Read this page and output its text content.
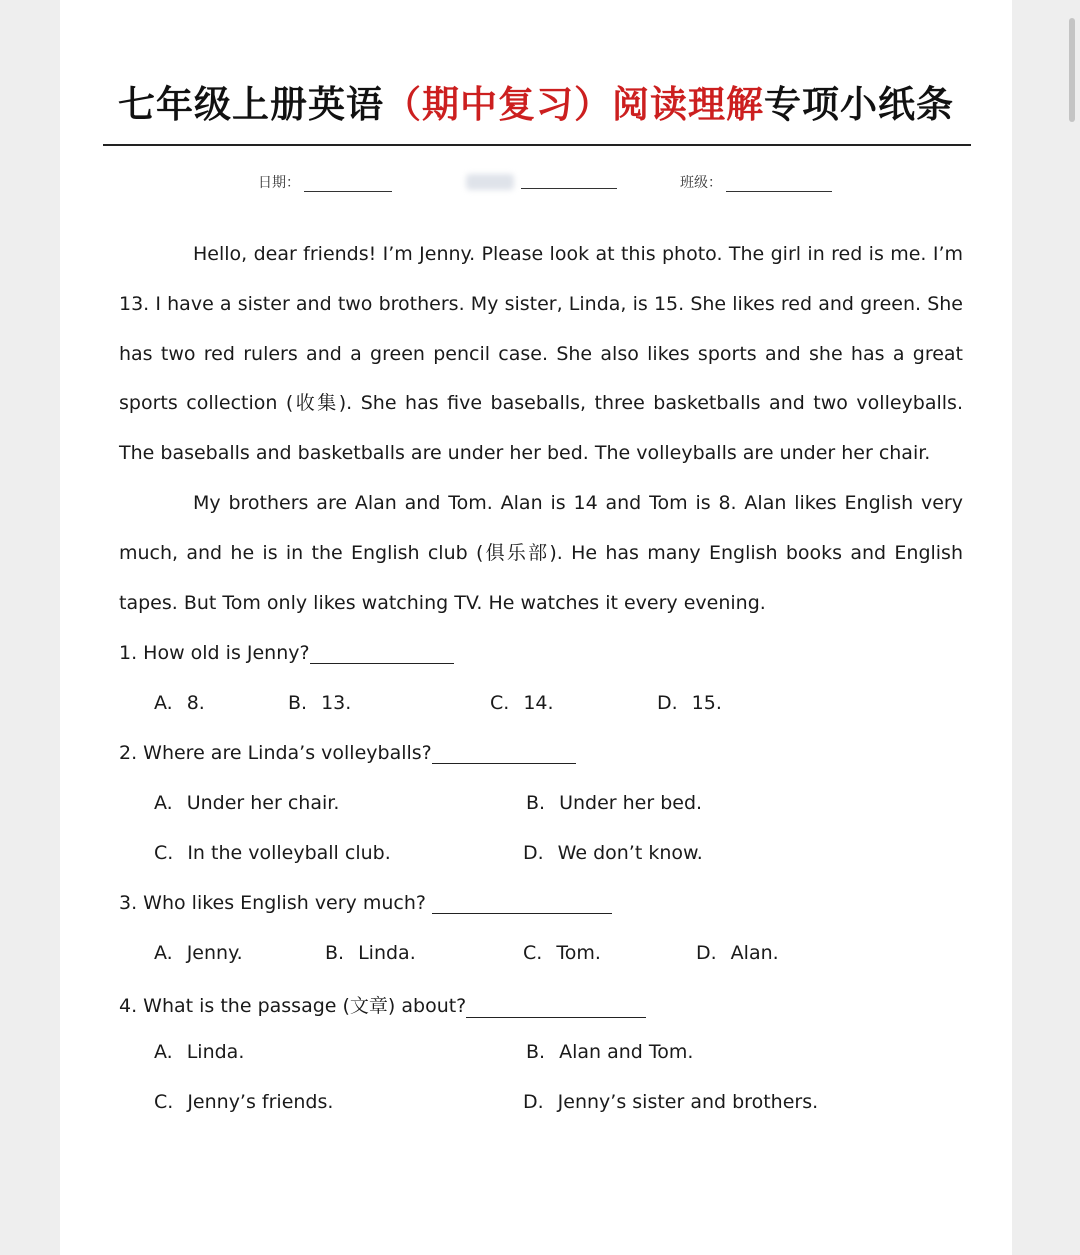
七年级上册英语（期中复习）阅读理解专项小纸条
日期：	班级：

Hello, dear friends! I’m Jenny. Please look at this photo. The girl in red is me. I’m 13. I have a sister and two brothers. My sister, Linda, is 15. She likes red and green. She has two red rulers and a green pencil case. She also likes sports and she has a great sports collection (收集). She has five baseballs, three basketballs and two volleyballs. The baseballs and basketballs are under her bed. The volleyballs are under her chair.

My brothers are Alan and Tom. Alan is 14 and Tom is 8. Alan likes English very much, and he is in the English club (俱乐部). He has many English books and English tapes. But Tom only likes watching TV. He watches it every evening.

1. How old is Jenny?
A. 8.	B. 13.	C. 14.	D. 15.
2. Where are Linda’s volleyballs?
A. Under her chair.	B. Under her bed.
C. In the volleyball club.	D. We don’t know.
3. Who likes English very much?
A. Jenny.	B. Linda.	C. Tom.	D. Alan.
4. What is the passage (文章) about?
A. Linda.	B. Alan and Tom.
C. Jenny’s friends.	D. Jenny’s sister and brothers.
